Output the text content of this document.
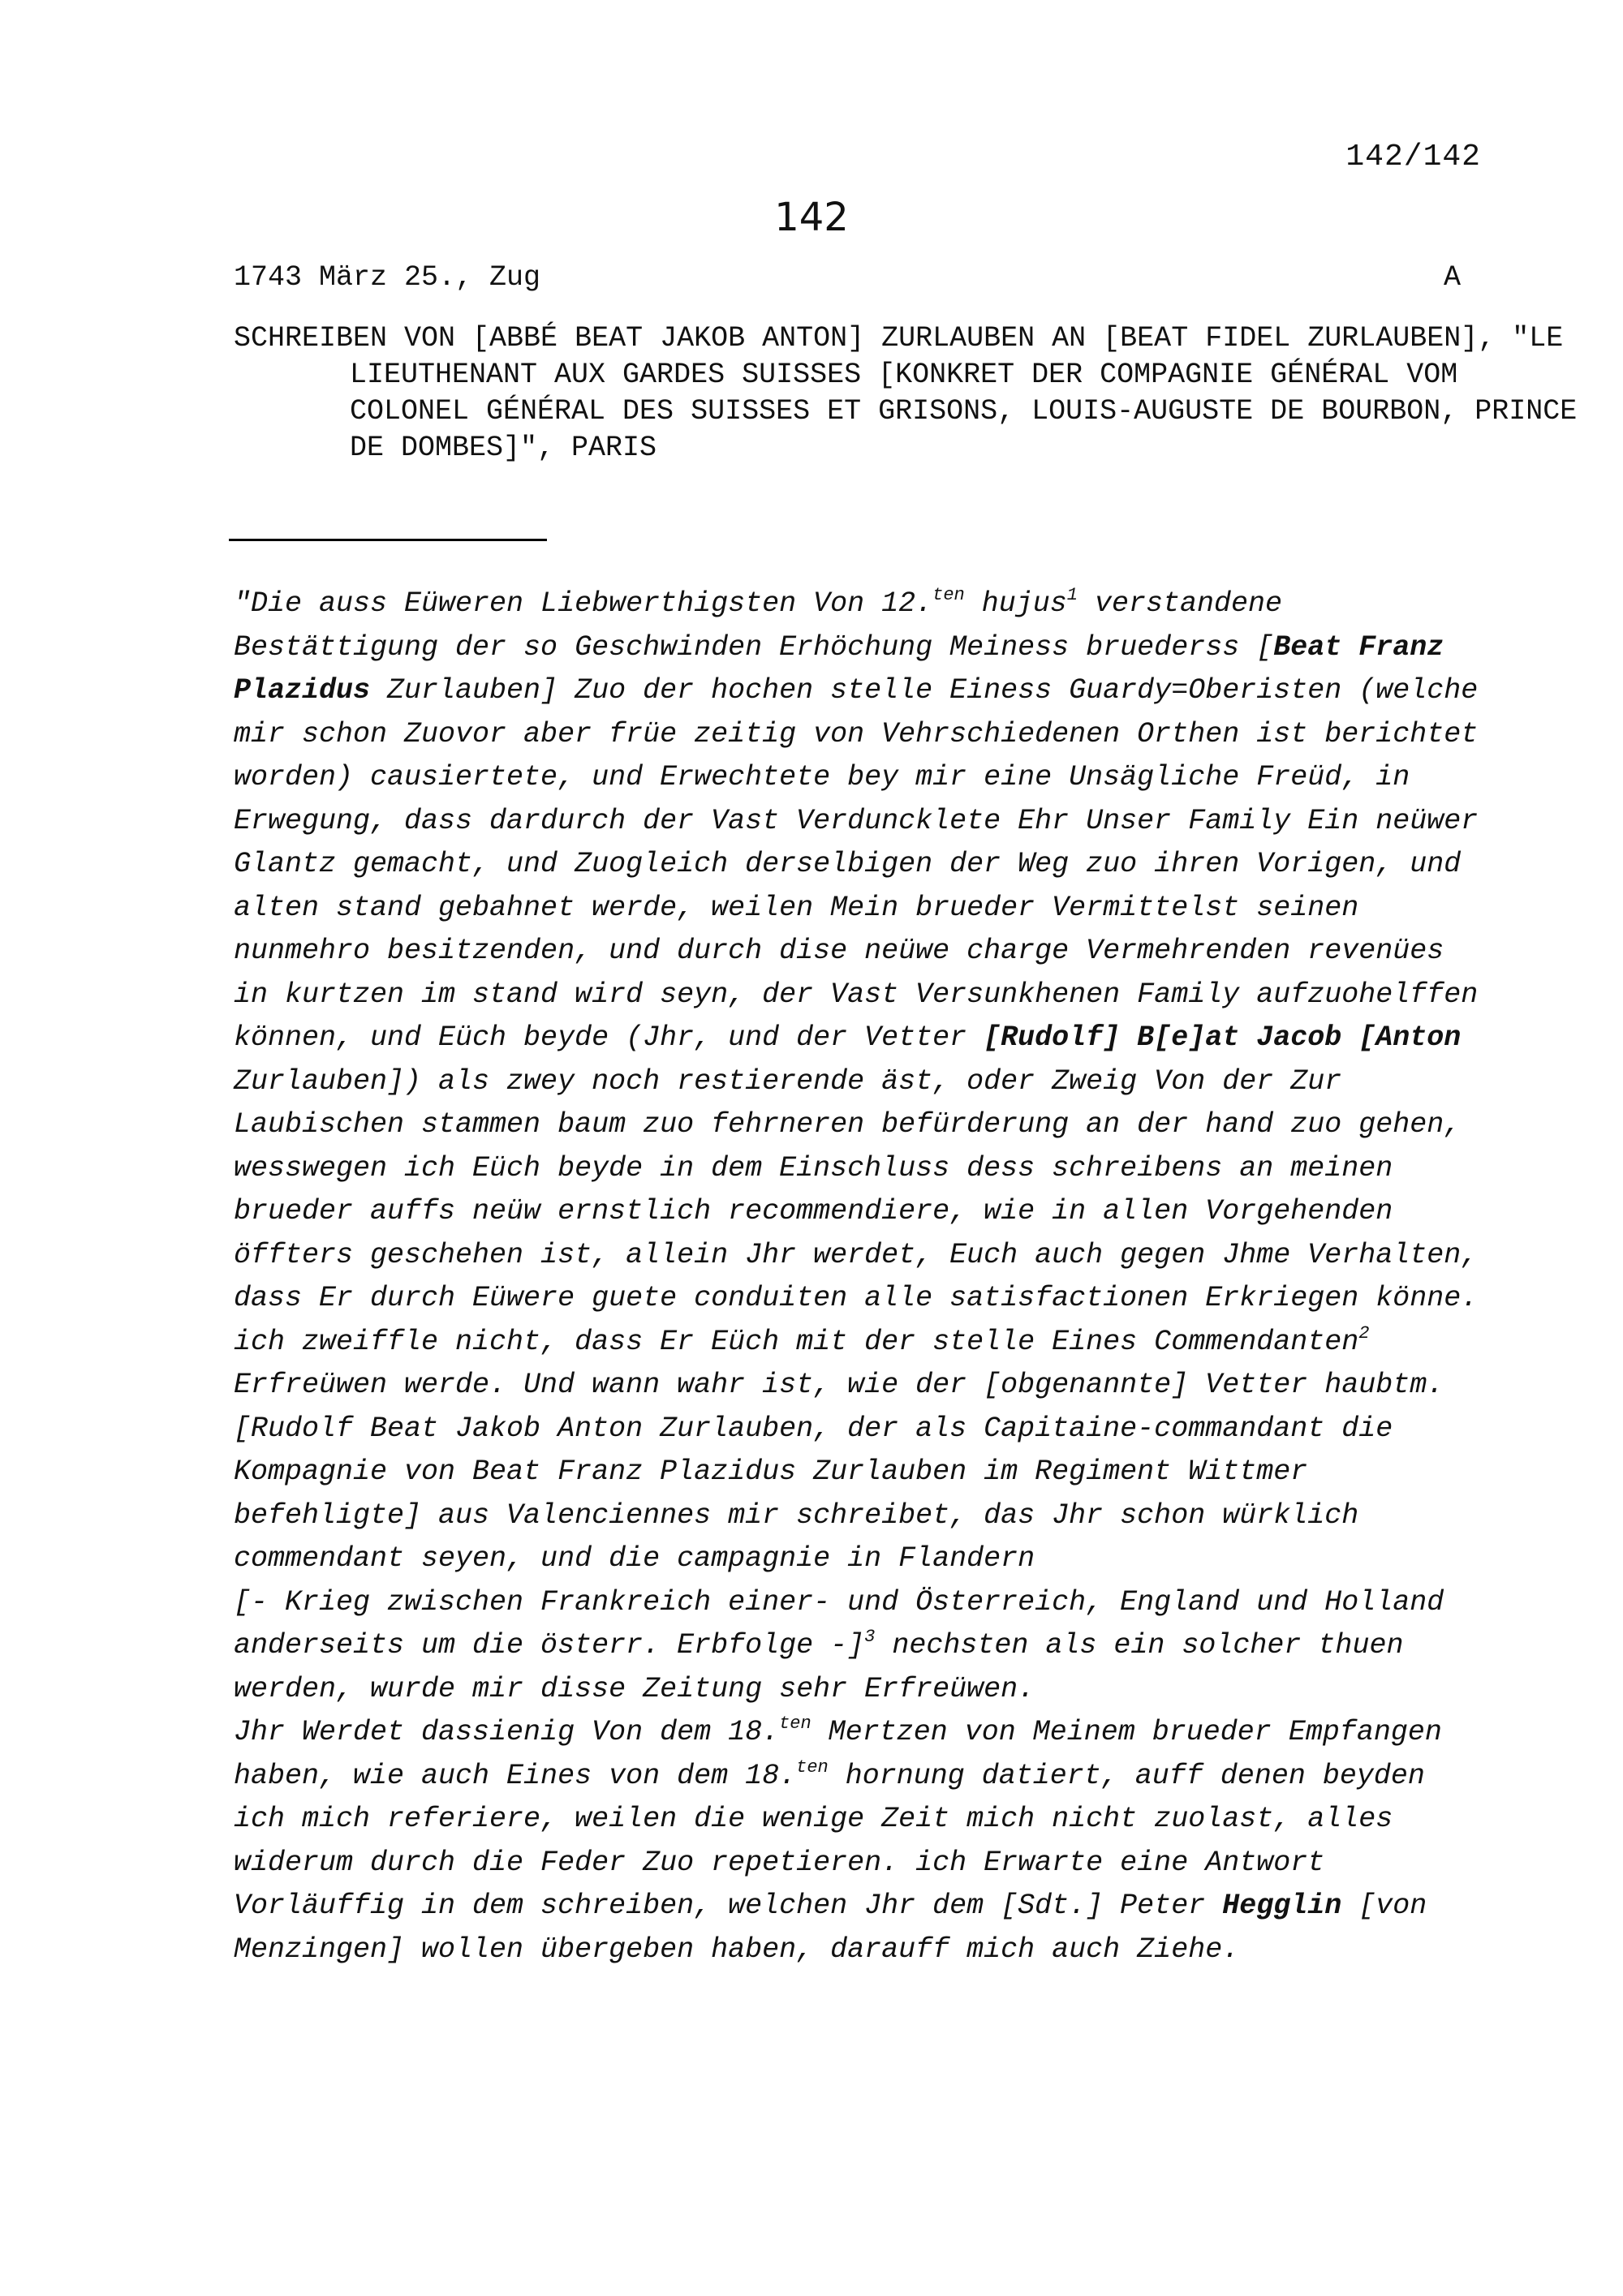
142/142
142
1743 März 25., Zug	A
SCHREIBEN VON [ABBÉ BEAT JAKOB ANTON] ZURLAUBEN AN [BEAT FIDEL ZURLAUBEN], "LE LIEUTHENANT AUX GARDES SUISSES [KONKRET DER COMPAGNIE GÉNÉRAL VOM COLONEL GÉNÉRAL DES SUISSES ET GRISONS, LOUIS-AUGUSTE DE BOURBON, PRINCE DE DOMBES]", PARIS

"Die auss Eüweren Liebwerthigsten Von 12.$^{ten}$ hujus$^1$ verstandene Bestättigung der so Geschwinden Erhöchung Meiness bruederss [Beat Franz Plazidus Zurlauben] Zuo der hochen stelle Einess Guardy=Oberisten (welche mir schon Zuovor aber früe zeitig von Vehrschiedenen Orthen ist berichtet worden) causiertete, und Erwechtete bey mir eine Unsägliche Freüd, in Erwegung, dass dardurch der Vast Verduncklete Ehr Unser Family Ein neüwer Glantz gemacht, und Zuogleich derselbigen der Weg zuo ihren Vorigen, und alten stand gebahnet werde, weilen Mein brueder Vermittelst seinen nunmehro besitzenden, und durch dise neüwe charge Vermehrenden revenües in kurtzen im stand wird seyn, der Vast Versunkhenen Family aufzuohelffen können, und Eüch beyde (Jhr, und der Vetter [Rudolf] B[e]at Jacob [Anton Zurlauben]) als zwey noch restierende äst, oder Zweig Von der Zur Laubischen stammen baum zuo fehrneren befürderung an der hand zuo gehen, wesswegen ich Eüch beyde in dem Einschluss dess schreibens an meinen brueder auffs neüw ernstlich recommendiere, wie in allen Vorgehenden öffters geschehen ist, allein Jhr werdet, Euch auch gegen Jhme Verhalten, dass Er durch Eüwere guete conduiten alle satisfactionen Erkriegen könne. ich zweiffle nicht, dass Er Eüch mit der stelle Eines Commendanten$^2$ Erfreüwen werde. Und wann wahr ist, wie der [obgenannte] Vetter haubtm. [Rudolf Beat Jakob Anton Zurlauben, der als Capitaine-commandant die Kompagnie von Beat Franz Plazidus Zurlauben im Regiment Wittmer befehligte] aus Valenciennes mir schreibet, das Jhr schon würklich commendant seyen, und die campagnie in Flandern
[- Krieg zwischen Frankreich einer- und Österreich, England und Holland anderseits um die österr. Erbfolge -]$^3$ nechsten als ein solcher thuen werden, wurde mir disse Zeitung sehr Erfreüwen.

Jhr Werdet dassienig Von dem 18.$^{ten}$ Mertzen von Meinem brueder Empfangen haben, wie auch Eines von dem 18.$^{ten}$ hornung datiert, auff denen beyden ich mich referiere, weilen die wenige Zeit mich nicht zuolast, alles widerum durch die Feder Zuo repetieren. ich Erwarte eine Antwort Vorläuffig in dem schreiben, welchen Jhr dem [Sdt.] Peter Hegglin [von Menzingen] wollen übergeben haben, darauff mich auch Ziehe.
